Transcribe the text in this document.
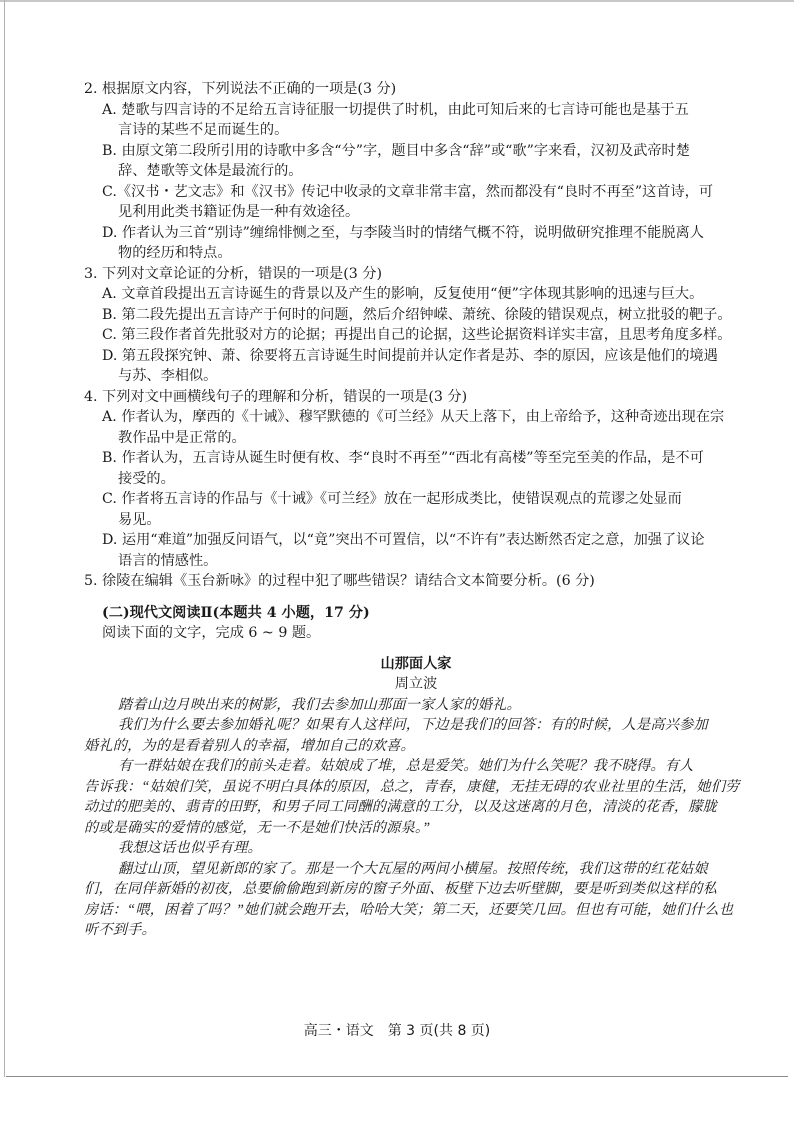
2. 根据原文内容，下列说法不正确的一项是(3 分)
A. 楚歌与四言诗的不足给五言诗征服一切提供了时机，由此可知后来的七言诗可能也是基于五
言诗的某些不足而诞生的。
B. 由原文第二段所引用的诗歌中多含“兮”字，题目中多含“辞”或“歌”字来看，汉初及武帝时楚
辞、楚歌等文体是最流行的。
C.《汉书・艺文志》和《汉书》传记中收录的文章非常丰富，然而都没有“良时不再至”这首诗，可
见利用此类书籍证伪是一种有效途径。
D. 作者认为三首“别诗”缠绵悱恻之至，与李陵当时的情绪气概不符，说明做研究推理不能脱离人
物的经历和特点。
3. 下列对文章论证的分析，错误的一项是(3 分)
A. 文章首段提出五言诗诞生的背景以及产生的影响，反复使用“便”字体现其影响的迅速与巨大。
B. 第二段先提出五言诗产于何时的问题，然后介绍钟嵘、萧统、徐陵的错误观点，树立批驳的靶子。
C. 第三段作者首先批驳对方的论据；再提出自己的论据，这些论据资料详实丰富，且思考角度多样。
D. 第五段探究钟、萧、徐要将五言诗诞生时间提前并认定作者是苏、李的原因，应该是他们的境遇
与苏、李相似。
4. 下列对文中画横线句子的理解和分析，错误的一项是(3 分)
A. 作者认为，摩西的《十诫》、穆罕默德的《可兰经》从天上落下，由上帝给予，这种奇迹出现在宗
教作品中是正常的。
B. 作者认为，五言诗从诞生时便有枚、李“良时不再至”“西北有高楼”等至完至美的作品，是不可
接受的。
C. 作者将五言诗的作品与《十诫》《可兰经》放在一起形成类比，使错误观点的荒谬之处显而
易见。
D. 运用“难道”加强反问语气，以“竟”突出不可置信，以“不许有”表达断然否定之意，加强了议论
语言的情感性。
5. 徐陵在编辑《玉台新咏》的过程中犯了哪些错误？请结合文本简要分析。(6 分)
(二)现代文阅读Ⅱ(本题共 4 小题，17 分)
阅读下面的文字，完成 6 ~ 9 题。
山那面人家
周立波
踏着山边月映出来的树影，我们去参加山那面一家人家的婚礼。
我们为什么要去参加婚礼呢？如果有人这样问，下边是我们的回答：有的时候，人是高兴参加
婚礼的，为的是看着别人的幸福，增加自己的欢喜。
有一群姑娘在我们的前头走着。姑娘成了堆，总是爱笑。她们为什么笑呢？我不晓得。有人
告诉我：“姑娘们笑，虽说不明白具体的原因，总之，青春，康健，无挂无碍的农业社里的生活，她们劳
动过的肥美的、翡青的田野，和男子同工同酬的满意的工分，以及这迷离的月色，清淡的花香，朦胧
的或是确实的爱情的感觉，无一不是她们快活的源泉。”
我想这话也似乎有理。
翻过山顶，望见新郎的家了。那是一个大瓦屋的两间小横屋。按照传统，我们这带的红花姑娘
们，在同伴新婚的初夜，总要偷偷跑到新房的窗子外面、板壁下边去听壁脚，要是听到类似这样的私
房话：“喂，困着了吗？”她们就会跑开去，哈哈大笑；第二天，还要笑几回。但也有可能，她们什么也
听不到手。
高三・语文　第 3 页(共 8 页)
